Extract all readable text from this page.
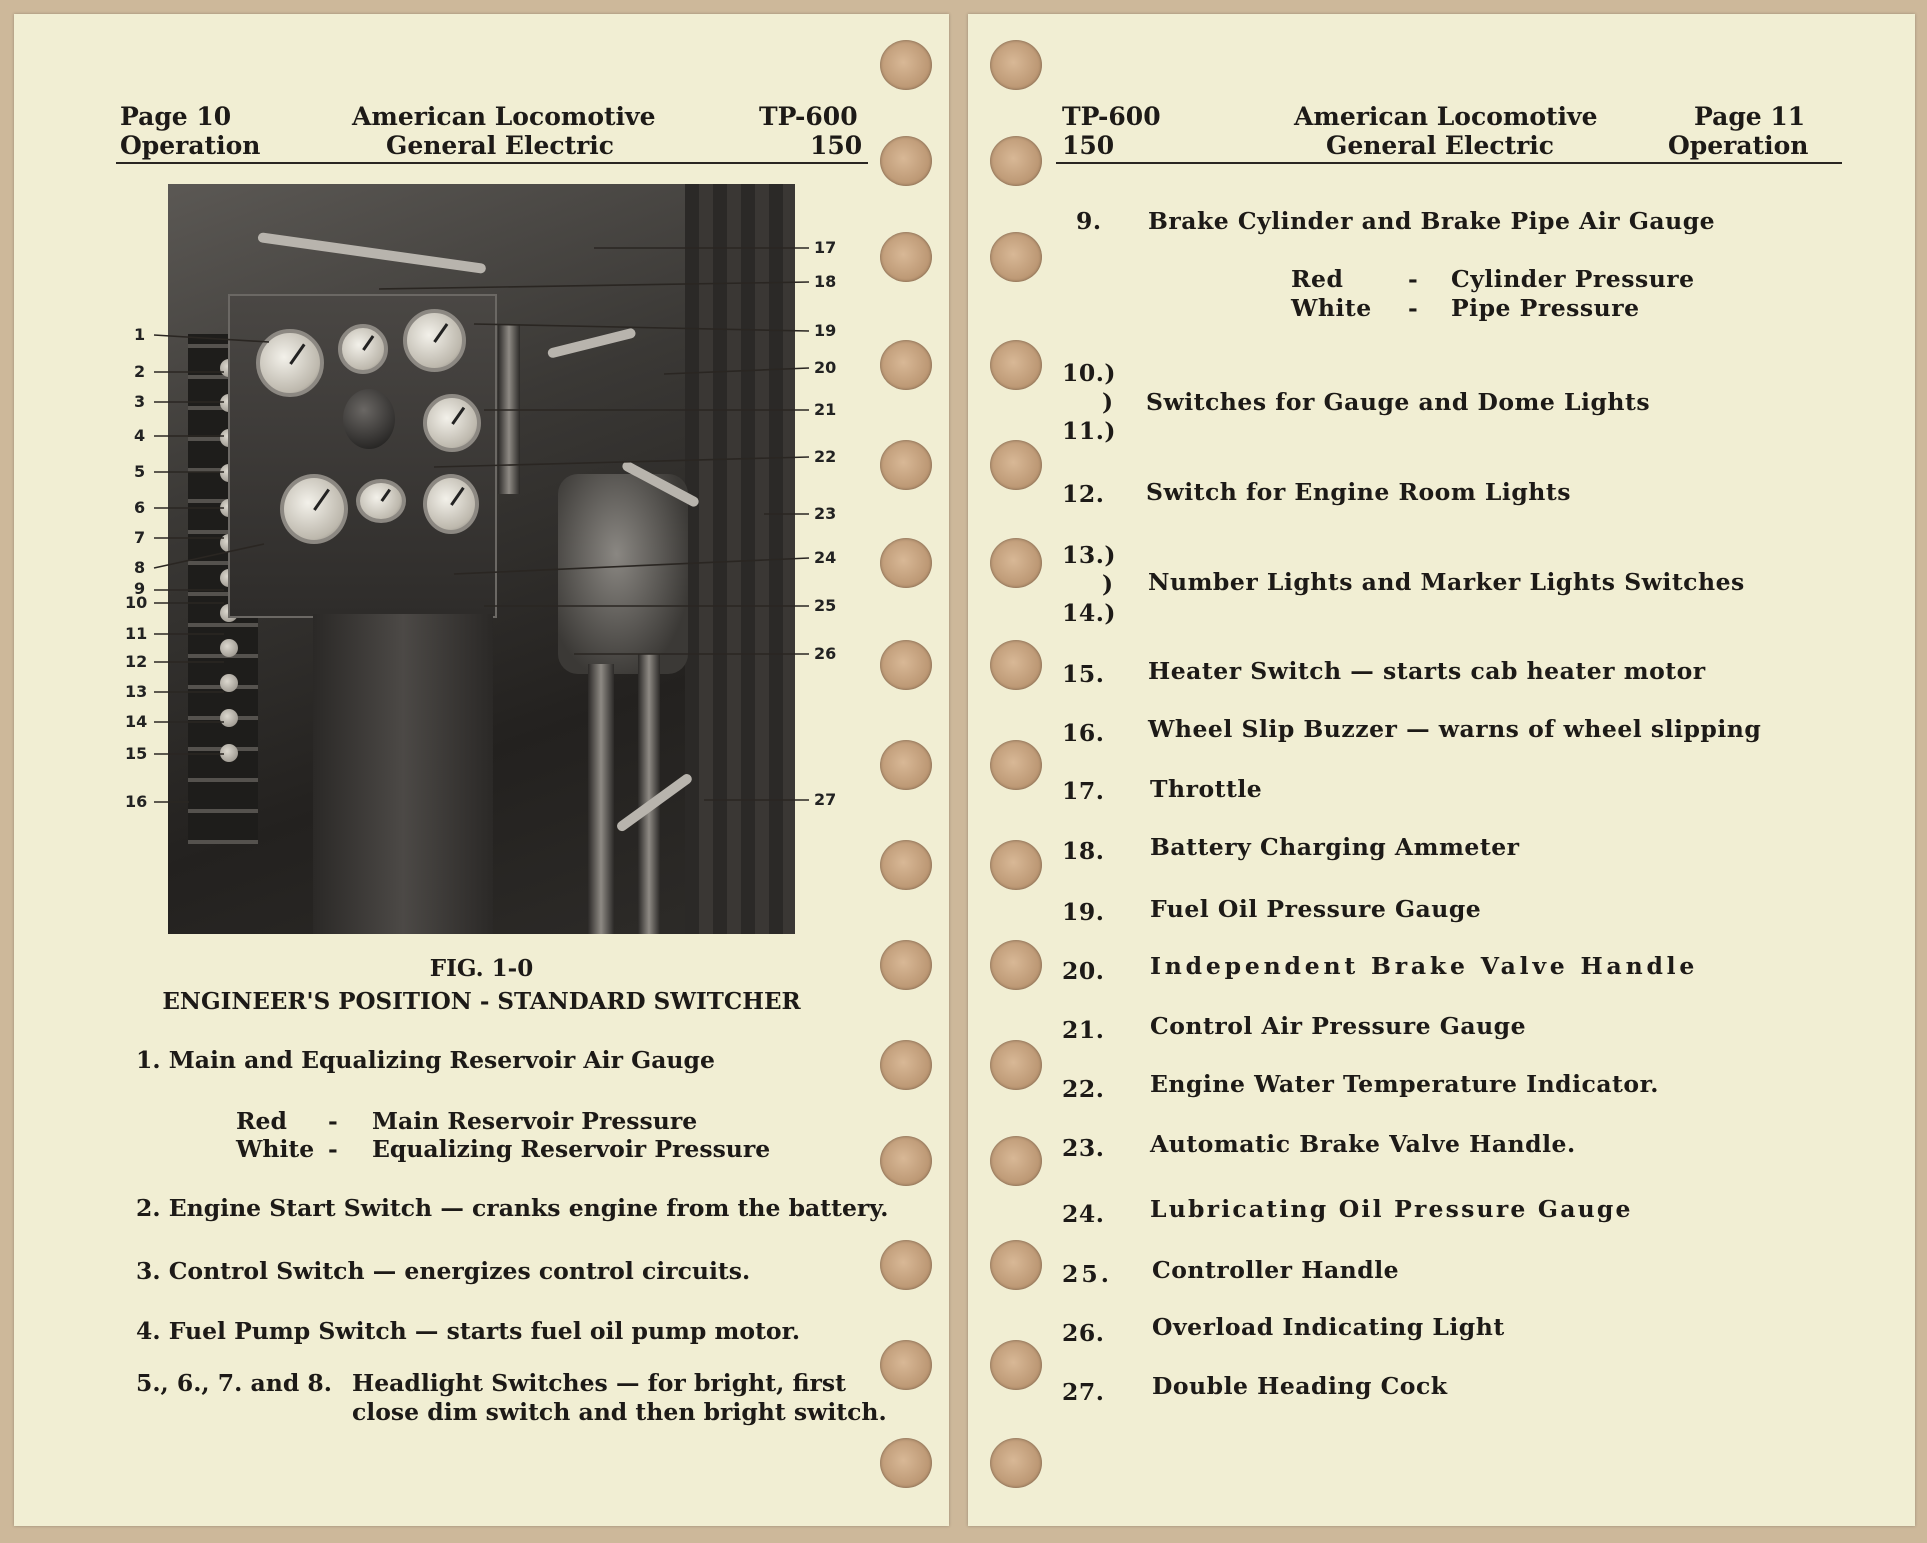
Page 10
Operation
American Locomotive
General Electric
TP-600
150
1
2
3
4
5
6
7
8
9
10
11
12
13
14
15
16
17
18
19
20
21
22
23
24
25
26
27
FIG. 1-0
ENGINEER'S POSITION - STANDARD SWITCHER
1. Main and Equalizing Reservoir Air Gauge
Red - Main Reservoir Pressure
White - Equalizing Reservoir Pressure
2. Engine Start Switch — cranks engine from the battery.
3. Control Switch — energizes control circuits.
4. Fuel Pump Switch — starts fuel oil pump motor.
5., 6., 7. and 8. Headlight Switches — for bright, first
close dim switch and then bright switch.
TP-600
150
American Locomotive
General Electric
Page 11
Operation
9. Brake Cylinder and Brake Pipe Air Gauge
Red	- Cylinder Pressure
White - Pipe Pressure
10.)
)
11.)
Switches for Gauge and Dome Lights
12. Switch for Engine Room Lights
13.)
)
14.)
Number Lights and Marker Lights Switches
15. Heater Switch — starts cab heater motor
16. Wheel Slip Buzzer — warns of wheel slipping
17. Throttle
18. Battery Charging Ammeter
19. Fuel Oil Pressure Gauge
20. Independent Brake Valve Handle
21. Control Air Pressure Gauge
22. Engine Water Temperature Indicator.
23. Automatic Brake Valve Handle.
24. Lubricating Oil Pressure Gauge
25. Controller Handle
26. Overload Indicating Light
27. Double Heading Cock
